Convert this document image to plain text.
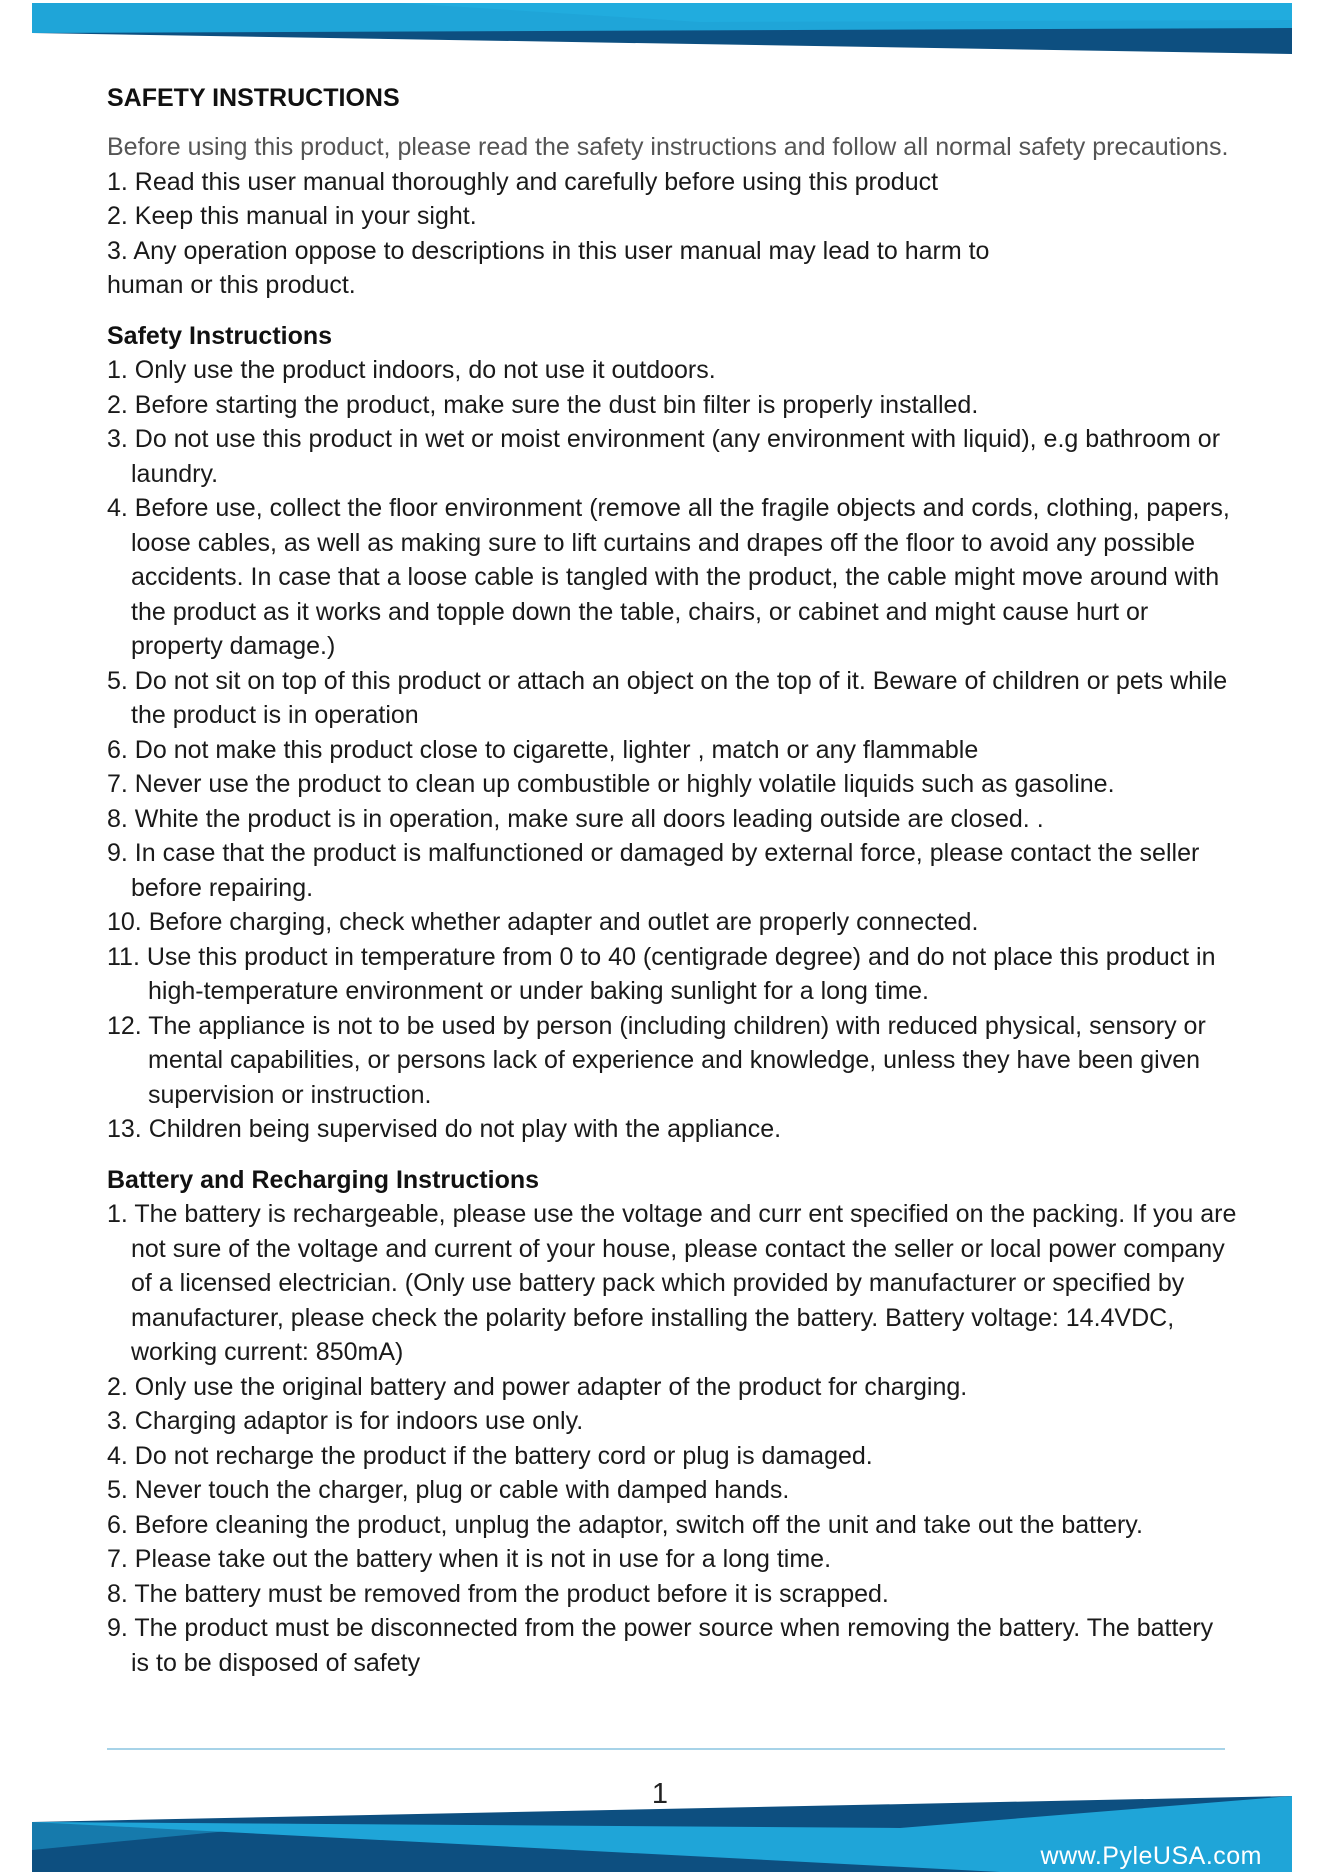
SAFETY INSTRUCTIONS

Before using this product, please read the safety instructions and follow all normal safety precautions.

1. Read this user manual thoroughly and carefully before using this product
2. Keep this manual in your sight.

3. Any operation oppose to descriptions in this user manual may lead to harm to

human or this product.

Safety Instructions
1. Only use the product indoors, do not use it outdoors.
2. Before starting the product, make sure the dust bin filter is properly installed.
3. Do not use this product in wet or moist environment (any environment with liquid), e.g bathroom or laundry.
4. Before use, collect the floor environment (remove all the fragile objects and cords, clothing, papers, loose cables, as well as making sure to lift curtains and drapes off the floor to avoid any possible accidents. In case that a loose cable is tangled with the product, the cable might move around with the product as it works and topple down the table, chairs, or cabinet and might cause hurt or property damage.)
5. Do not sit on top of this product or attach an object on the top of it. Beware of children or pets while the product is in operation
6. Do not make this product close to cigarette, lighter , match or any flammable
7. Never use the product to clean up combustible or highly volatile liquids such as gasoline.
8. White the product is in operation, make sure all doors leading outside are closed. .
9. In case that the product is malfunctioned or damaged by external force, please contact the seller before repairing.
10. Before charging, check whether adapter and outlet are properly connected.
11. Use this product in temperature from 0 to 40 (centigrade degree) and do not place this product in high-temperature environment or under baking sunlight for a long time.
12. The appliance is not to be used by person (including children) with reduced physical, sensory or mental capabilities, or persons lack of experience and knowledge, unless they have been given supervision or instruction.
13. Children being supervised do not play with the appliance.
Battery and Recharging Instructions
1. The battery is rechargeable, please use the voltage and curr ent specified on the packing. If you are not sure of the voltage and current of your house, please contact the seller or local power company of a licensed electrician. (Only use battery pack which provided by manufacturer or specified by manufacturer, please check the polarity before installing the battery. Battery voltage: 14.4VDC, working current: 850mA)
2. Only use the original battery and power adapter of the product for charging.
3. Charging adaptor is for indoors use only.
4. Do not recharge the product if the battery cord or plug is damaged.
5. Never touch the charger, plug or cable with damped hands.
6. Before cleaning the product, unplug the adaptor, switch off the unit and take out the battery.
7. Please take out the battery when it is not in use for a long time.
8. The battery must be removed from the product before it is scrapped.
9. The product must be disconnected from the power source when removing the battery. The battery is to be disposed of safety
1
www.PyleUSA.com
